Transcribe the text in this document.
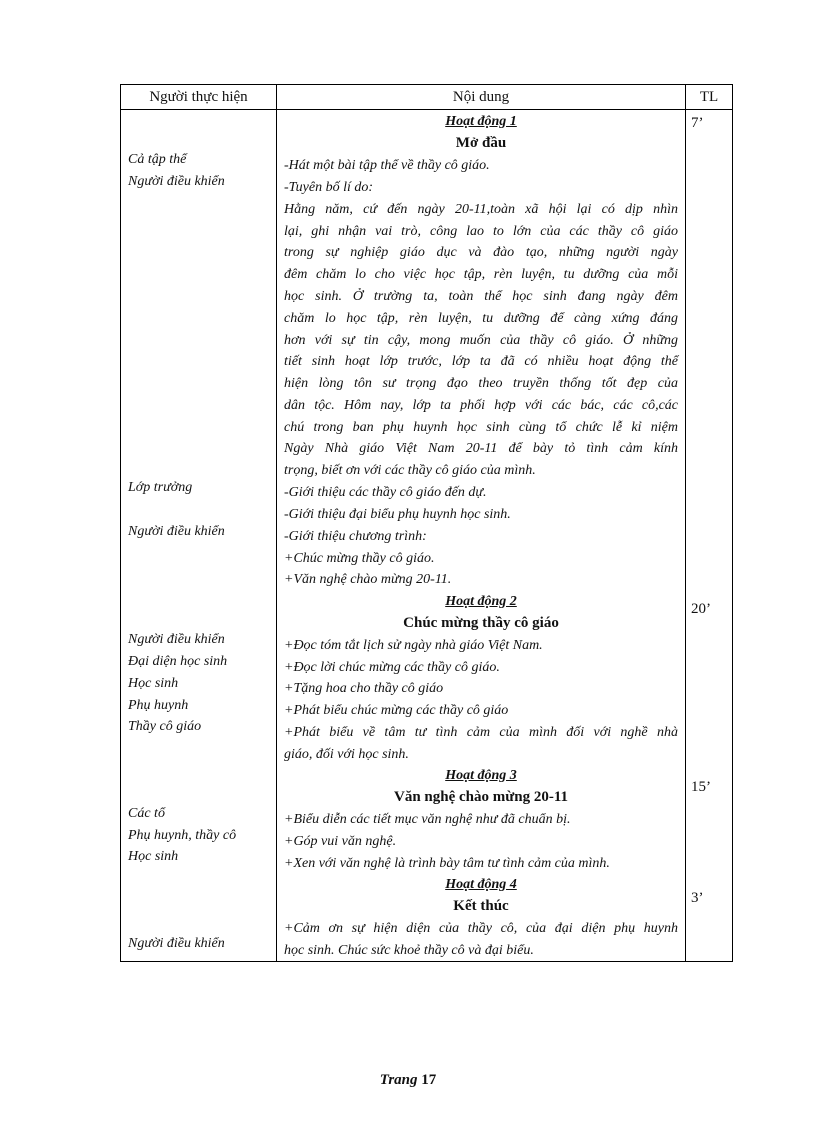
Người thực hiện	Nội dung	TL
Cả tập thể
Người điều khiển
Lớp trưởng
Người điều khiển
Người điều khiển
Đại diện học sinh
Học sinh
Phụ huynh
Thầy cô giáo
Các tổ
Phụ huynh, thầy cô
Học sinh
Người điều khiển
Hoạt động 1
Mở đầu
-Hát một bài tập thể về thầy cô giáo.
-Tuyên bố lí do:
Hằng năm, cứ đến ngày 20-11,toàn xã hội lại có dịp nhìn
lại, ghi nhận vai trò, công lao to lớn của các thầy cô giáo
trong sự nghiệp giáo dục và đào tạo, những người ngày
đêm chăm lo cho việc học tập, rèn luyện, tu dưỡng của mỗi
học sinh. Ở trường ta, toàn thể học sinh đang ngày đêm
chăm lo học tập, rèn luyện, tu dưỡng để càng xứng đáng
hơn với sự tin cậy, mong muốn của thầy cô giáo. Ở những
tiết sinh hoạt lớp trước, lớp ta đã có nhiều hoạt động thể
hiện lòng tôn sư trọng đạo theo truyền thống tốt đẹp của
dân tộc. Hôm nay, lớp ta phối hợp với các bác, các cô,các
chú trong ban phụ huynh học sinh cùng tổ chức lễ kỉ niệm
Ngày Nhà giáo Việt Nam 20-11 để bày tỏ tình cảm kính
trọng, biết ơn với các thầy cô giáo của mình.
-Giới thiệu các thầy cô giáo đến dự.
-Giới thiệu đại biểu phụ huynh học sinh.
-Giới thiệu chương trình:
+Chúc mừng thầy cô giáo.
+Văn nghệ chào mừng 20-11.
Hoạt động 2
Chúc mừng thầy cô giáo
+Đọc tóm tắt lịch sử ngày nhà giáo Việt Nam.
+Đọc lời chúc mừng các thầy cô giáo.
+Tặng hoa cho thầy cô giáo
+Phát biểu chúc mừng các thầy cô giáo
+Phát biểu về tâm tư tình cảm của mình đối với nghề nhà
giáo, đối với học sinh.
Hoạt động 3
Văn nghệ chào mừng 20-11
+Biểu diễn các tiết mục văn nghệ như đã chuẩn bị.
+Góp vui văn nghệ.
+Xen với văn nghệ là trình bày tâm tư tình cảm của mình.
Hoạt động 4
Kết thúc
+Cảm ơn sự hiện diện của thầy cô, của đại diện phụ huynh
học sinh. Chúc sức khoẻ thầy cô và đại biểu.
7’
20’
15’
3’
Trang 17
